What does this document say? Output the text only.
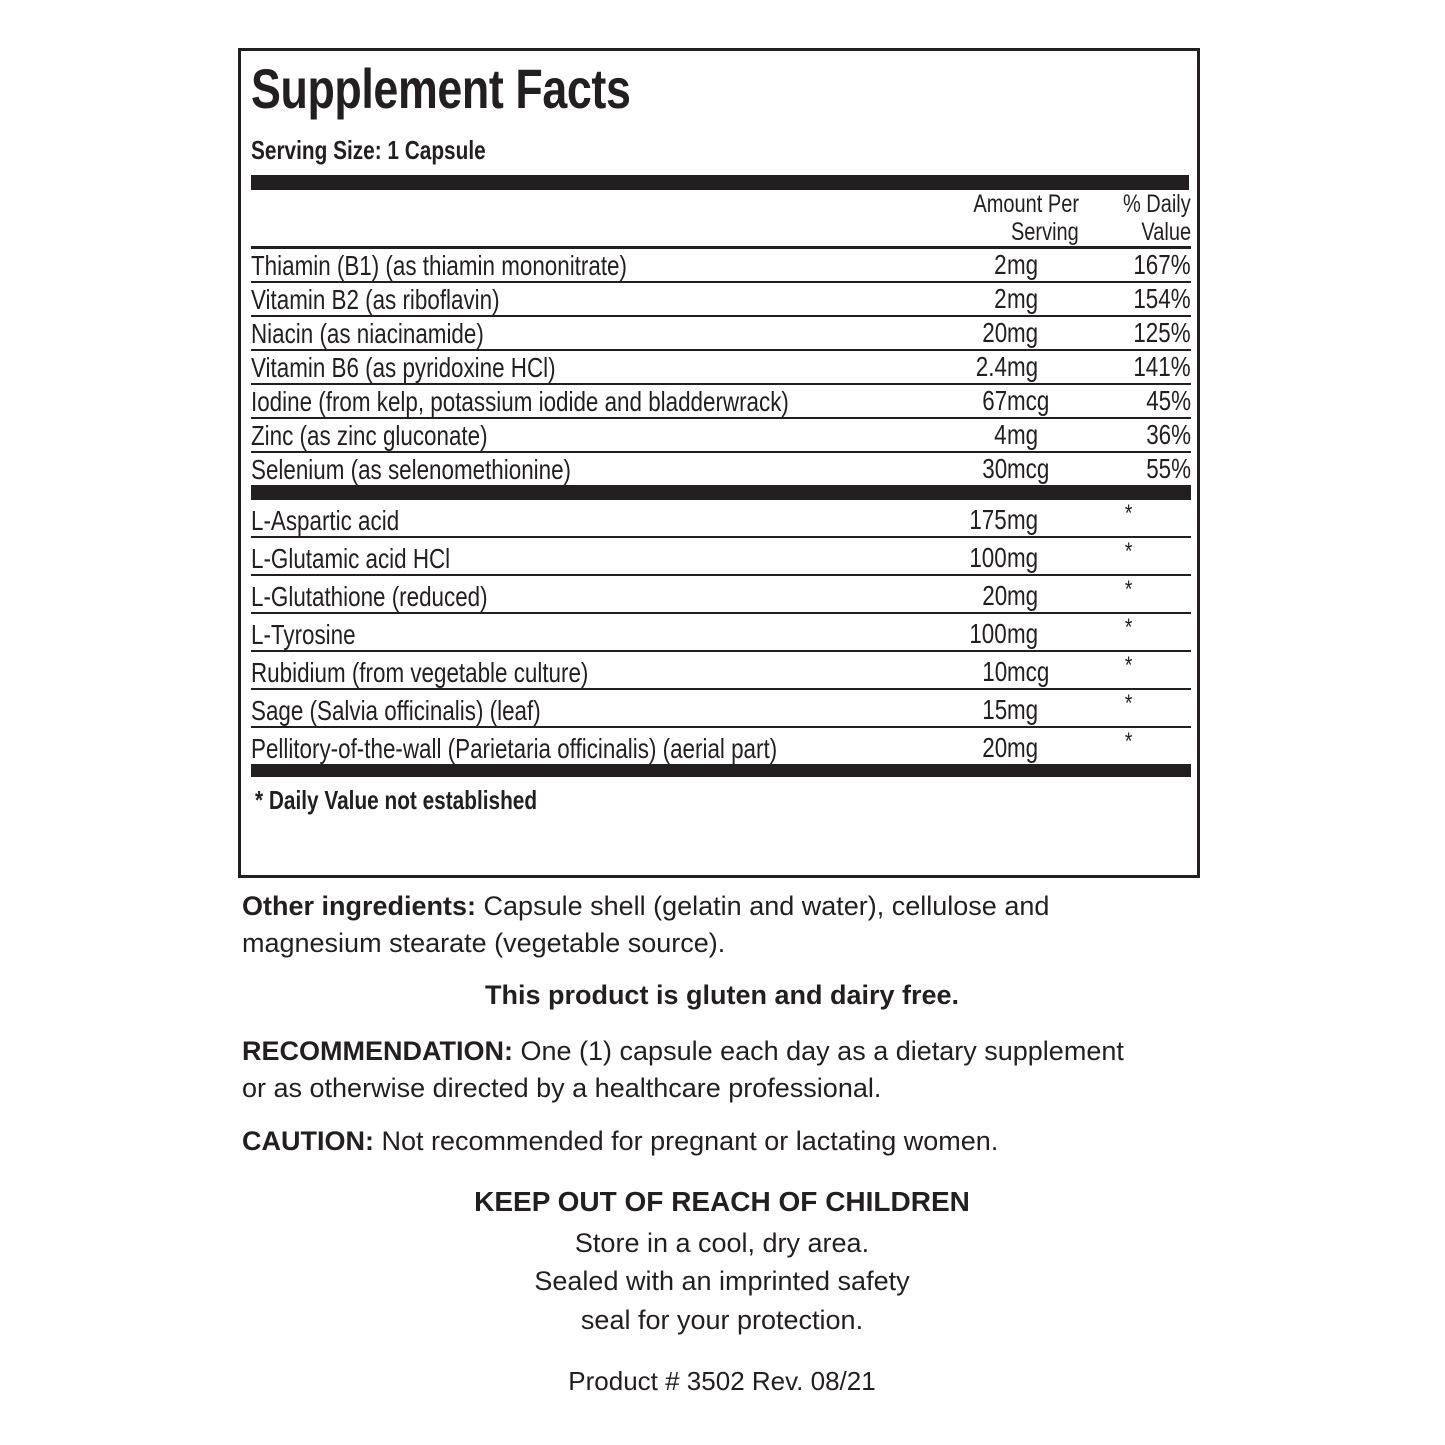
Supplement Facts
Serving Size: 1 Capsule
	Amount Per
Serving		% Daily
Value
Thiamin (B1) (as thiamin mononitrate)	2	mg	167%
Vitamin B2 (as riboflavin)	2	mg	154%
Niacin (as niacinamide)	20	mg	125%
Vitamin B6 (as pyridoxine HCl)	2.4	mg	141%
Iodine (from kelp, potassium iodide and bladderwrack)	67	mcg	45%
Zinc (as zinc gluconate)	4	mg	36%
Selenium (as selenomethionine)	30	mcg	55%

L-Aspartic acid	175	mg	*
L-Glutamic acid HCl	100	mg	*
L-Glutathione (reduced)	20	mg	*
L-Tyrosine	100	mg	*
Rubidium (from vegetable culture)	10	mcg	*
Sage (Salvia officinalis) (leaf)	15	mg	*
Pellitory-of-the-wall (Parietaria officinalis) (aerial part)	20	mg	*

* Daily Value not established
Other ingredients: Capsule shell (gelatin and water), cellulose and magnesium stearate (vegetable source).
This product is gluten and dairy free.
RECOMMENDATION: One (1) capsule each day as a dietary supplement or as otherwise directed by a healthcare professional.
CAUTION: Not recommended for pregnant or lactating women.
KEEP OUT OF REACH OF CHILDREN
Store in a cool, dry area.
Sealed with an imprinted safety
seal for your protection.
Product # 3502 Rev. 08/21
